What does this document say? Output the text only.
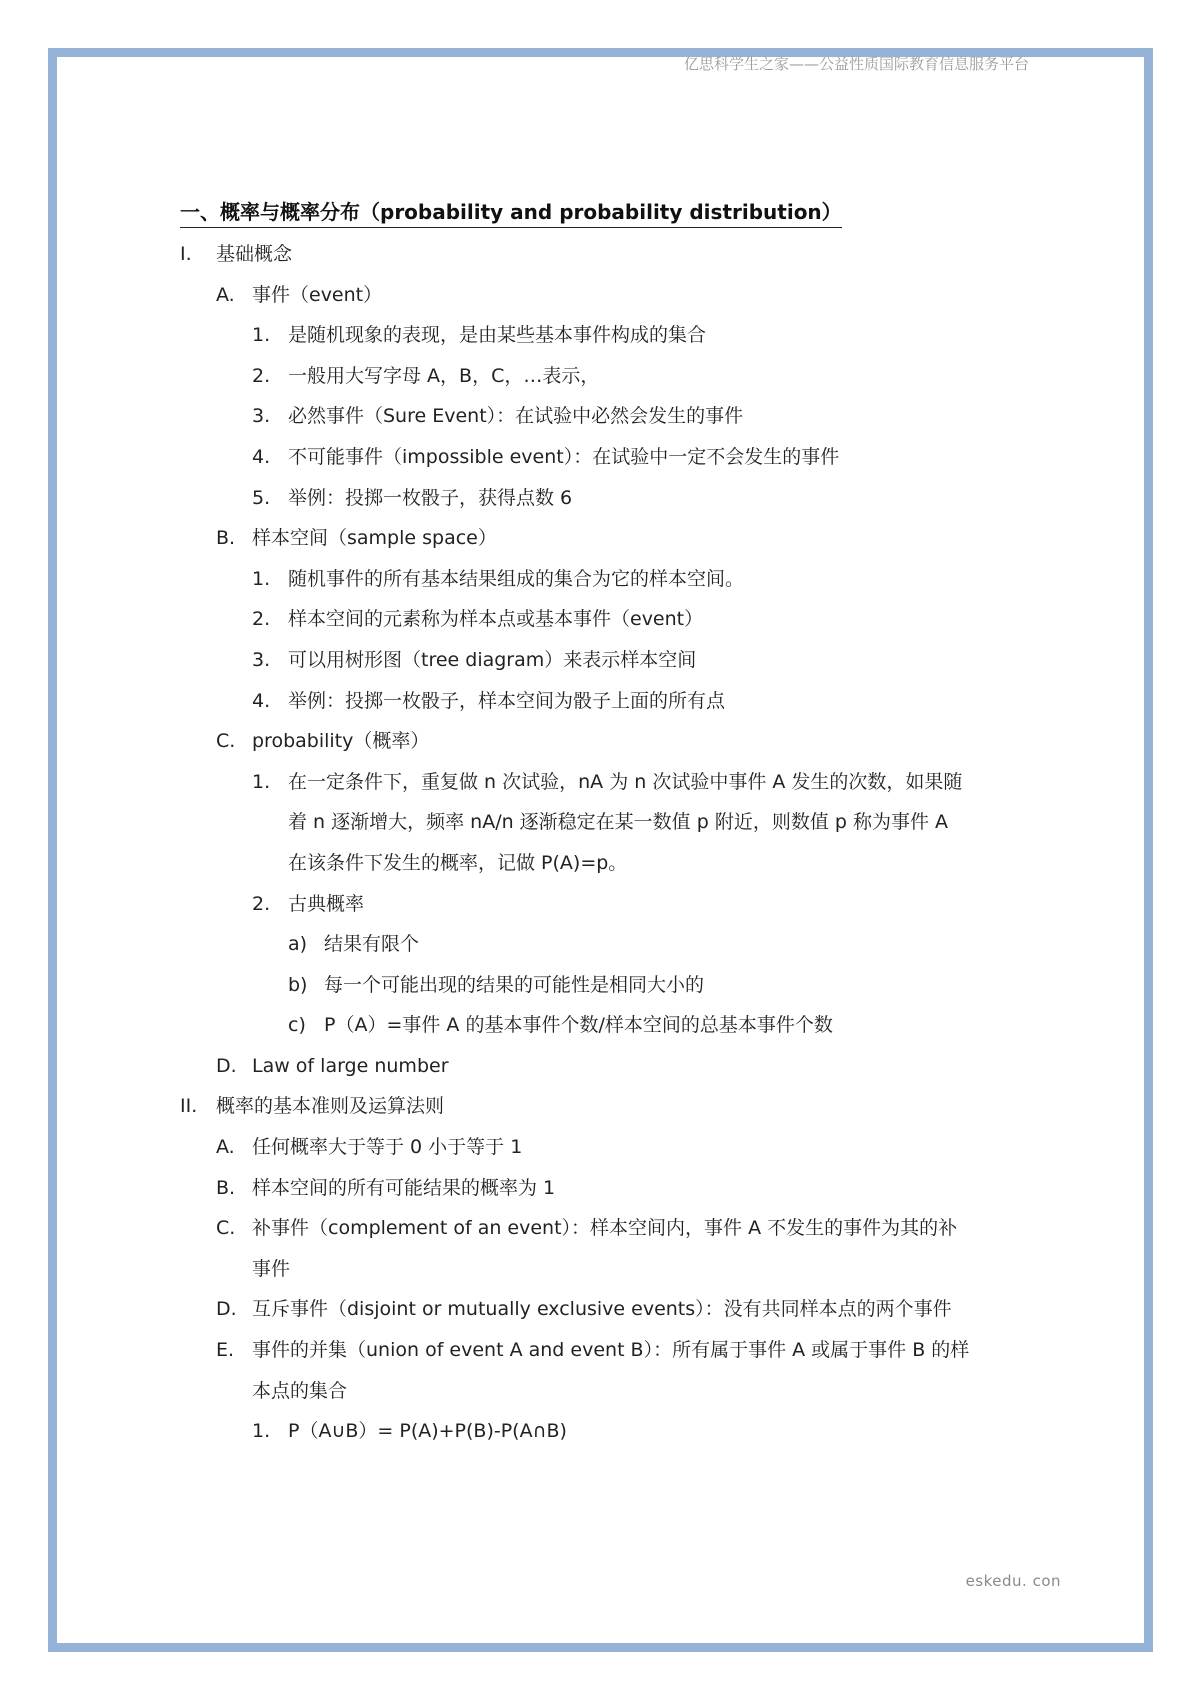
亿思科学生之家——公益性质国际教育信息服务平台
一、概率与概率分布（probability and probability distribution）
I. 基础概念
A. 事件（event）
1. 是随机现象的表现，是由某些基本事件构成的集合
2. 一般用大写字母 A，B，C，…表示，
3. 必然事件（Sure Event）：在试验中必然会发生的事件
4. 不可能事件（impossible event）：在试验中一定不会发生的事件
5. 举例：投掷一枚骰子，获得点数 6
B. 样本空间（sample space）
1. 随机事件的所有基本结果组成的集合为它的样本空间。
2. 样本空间的元素称为样本点或基本事件（event）
3. 可以用树形图（tree diagram）来表示样本空间
4. 举例：投掷一枚骰子，样本空间为骰子上面的所有点
C. probability（概率）
1. 在一定条件下，重复做 n 次试验，nA 为 n 次试验中事件 A 发生的次数，如果随
着 n 逐渐增大，频率 nA/n 逐渐稳定在某一数值 p 附近，则数值 p 称为事件 A
在该条件下发生的概率，记做 P(A)=p。
2. 古典概率
a) 结果有限个
b) 每一个可能出现的结果的可能性是相同大小的
c) P（A）=事件 A 的基本事件个数/样本空间的总基本事件个数
D. Law of large number
II. 概率的基本准则及运算法则
A. 任何概率大于等于 0 小于等于 1
B. 样本空间的所有可能结果的概率为 1
C. 补事件（complement of an event）：样本空间内，事件 A 不发生的事件为其的补
事件
D. 互斥事件（disjoint or mutually exclusive events）：没有共同样本点的两个事件
E. 事件的并集（union of event A and event B）：所有属于事件 A 或属于事件 B 的样
本点的集合
1. P（A∪B）= P(A)+P(B)-P(A∩B)
eskedu. con
